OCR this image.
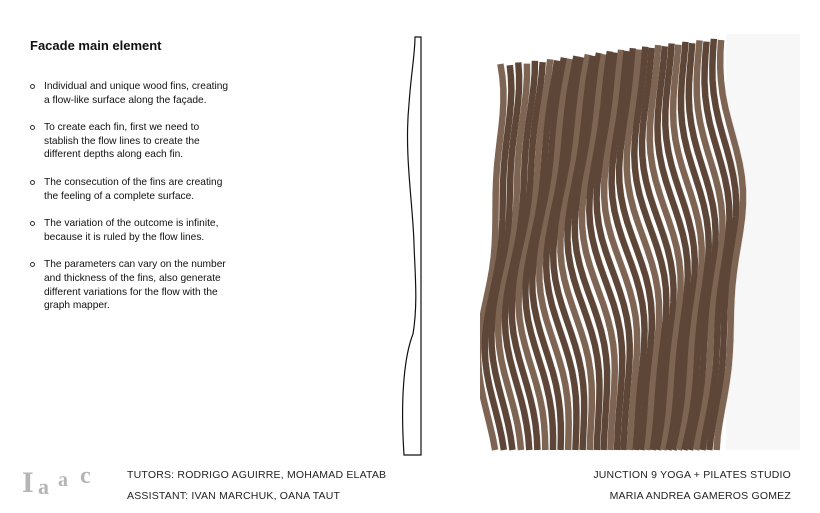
Facade main element
Individual and unique wood fins, creating a flow-like surface along the façade.
To create each fin, first we need to stablish the flow lines to create the different depths along each fin.
The consecution of the fins are creating the feeling of a complete surface.
The variation of the outcome is infinite, because it is ruled by the flow lines.
The parameters can vary on the number and thickness of the fins, also generate different variations for the flow with the graph mapper.
I a a c	TUTORS: RODRIGO AGUIRRE, MOHAMAD ELATAB
ASSISTANT: IVAN MARCHUK, OANA TAUT
JUNCTION 9 YOGA + PILATES STUDIO
MARIA ANDREA GAMEROS GOMEZ
